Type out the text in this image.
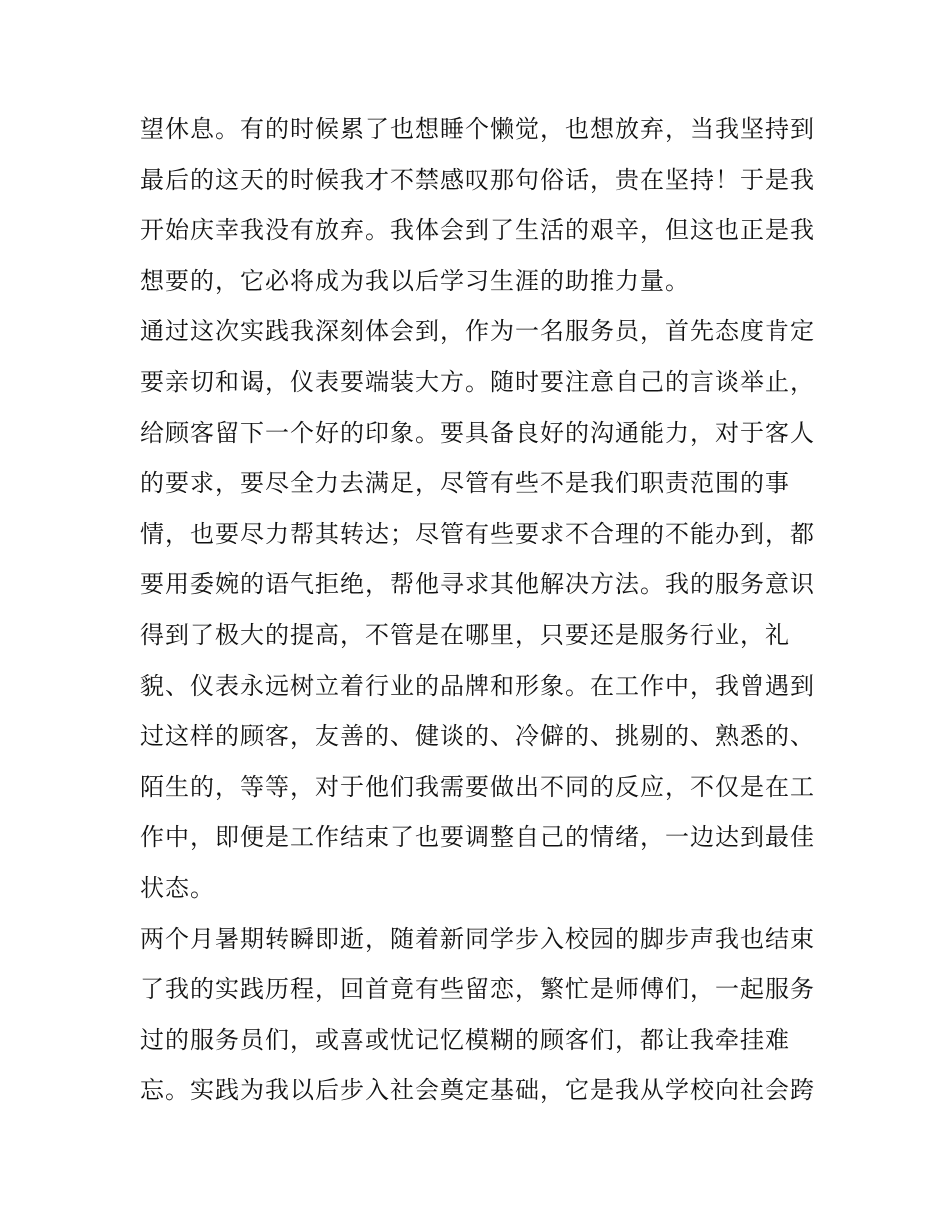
望休息。有的时候累了也想睡个懒觉，也想放弃，当我坚持到
最后的这天的时候我才不禁感叹那句俗话，贵在坚持！于是我
开始庆幸我没有放弃。我体会到了生活的艰辛，但这也正是我
想要的，它必将成为我以后学习生涯的助推力量。
通过这次实践我深刻体会到，作为一名服务员，首先态度肯定
要亲切和谒，仪表要端装大方。随时要注意自己的言谈举止，
给顾客留下一个好的印象。要具备良好的沟通能力，对于客人
的要求，要尽全力去满足，尽管有些不是我们职责范围的事
情，也要尽力帮其转达；尽管有些要求不合理的不能办到，都
要用委婉的语气拒绝，帮他寻求其他解决方法。我的服务意识
得到了极大的提高，不管是在哪里，只要还是服务行业，礼
貌、仪表永远树立着行业的品牌和形象。在工作中，我曾遇到
过这样的顾客，友善的、健谈的、冷僻的、挑剔的、熟悉的、
陌生的，等等，对于他们我需要做出不同的反应，不仅是在工
作中，即便是工作结束了也要调整自己的情绪，一边达到最佳
状态。
两个月暑期转瞬即逝，随着新同学步入校园的脚步声我也结束
了我的实践历程，回首竟有些留恋，繁忙是师傅们，一起服务
过的服务员们，或喜或忧记忆模糊的顾客们，都让我牵挂难
忘。实践为我以后步入社会奠定基础，它是我从学校向社会跨
